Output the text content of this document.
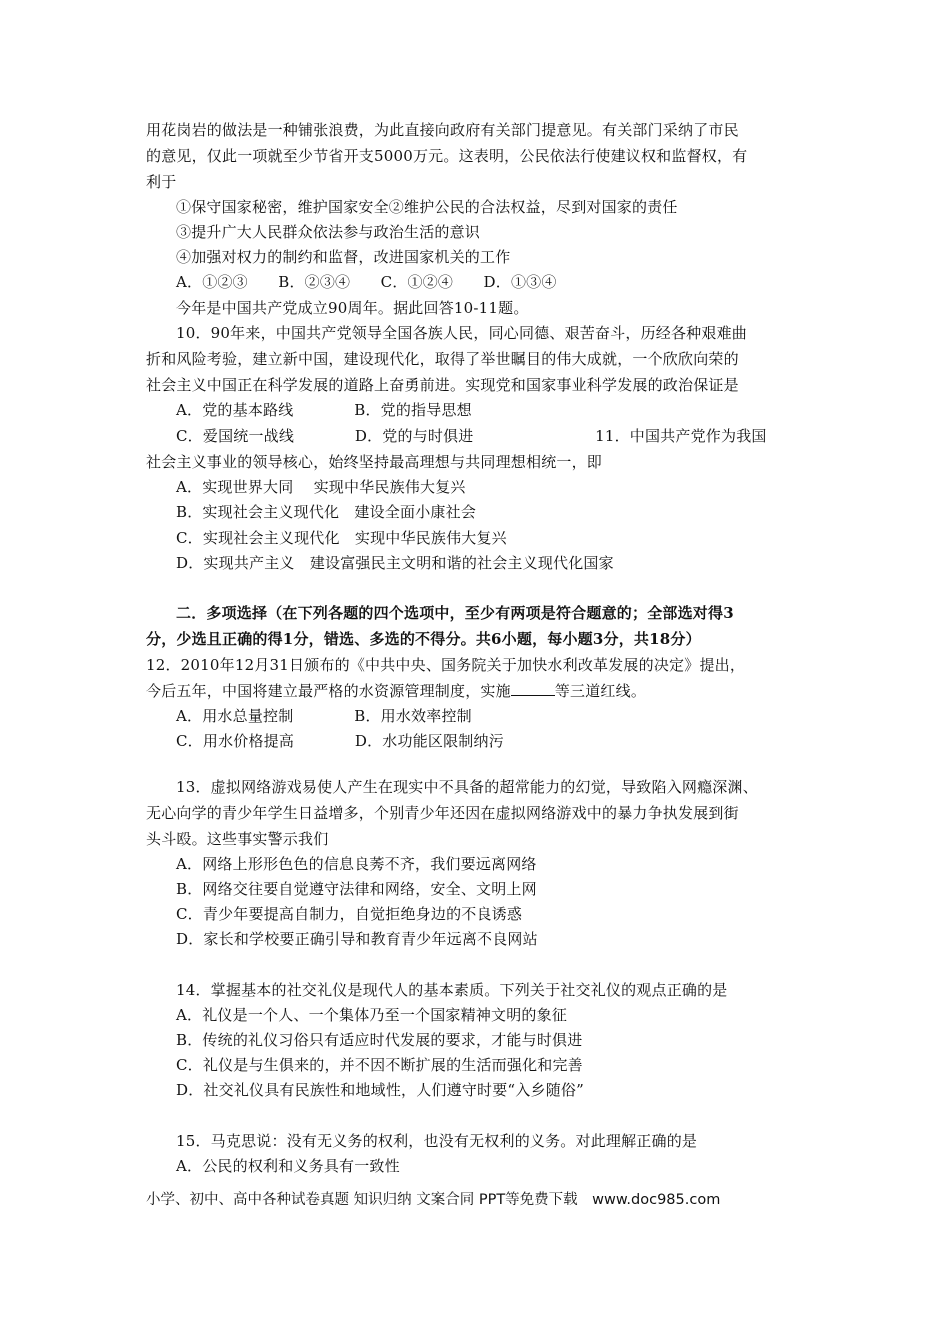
用花岗岩的做法是一种铺张浪费，为此直接向政府有关部门提意见。有关部门采纳了市民
的意见，仅此一项就至少节省开支5000万元。这表明，公民依法行使建议权和监督权，有
利于
①保守国家秘密，维护国家安全②维护公民的合法权益，尽到对国家的责任
③提升广大人民群众依法参与政治生活的意识
④加强对权力的制约和监督，改进国家机关的工作
A．①②③　　B．②③④　　C．①②④　　D．①③④
今年是中国共产党成立90周年。据此回答10-11题。
10．90年来，中国共产党领导全国各族人民，同心同德、艰苦奋斗，历经各种艰难曲
折和风险考验，建立新中国，建设现代化，取得了举世瞩目的伟大成就，一个欣欣向荣的
社会主义中国正在科学发展的道路上奋勇前进。实现党和国家事业科学发展的政治保证是
A．党的基本路线　　　　B．党的指导思想
C．爱国统一战线　　　　D．党的与时俱进　　　　　　　　11．中国共产党作为我国
社会主义事业的领导核心，始终坚持最高理想与共同理想相统一，即
A．实现世界大同　 实现中华民族伟大复兴
B．实现社会主义现代化　建设全面小康社会
C．实现社会主义现代化　实现中华民族伟大复兴
D．实现共产主义　建设富强民主文明和谐的社会主义现代化国家
二．多项选择（在下列各题的四个选项中，至少有两项是符合题意的；全部选对得3
分，少选且正确的得1分，错选、多选的不得分。共6小题，每小题3分，共18分）
12．2010年12月31日颁布的《中共中央、国务院关于加快水利改革发展的决定》提出，
今后五年，中国将建立最严格的水资源管理制度，实施	等三道红线。
A．用水总量控制　　　　B．用水效率控制
C．用水价格提高　　　　D．水功能区限制纳污
13．虚拟网络游戏易使人产生在现实中不具备的超常能力的幻觉，导致陷入网瘾深渊、
无心向学的青少年学生日益增多，个别青少年还因在虚拟网络游戏中的暴力争执发展到街
头斗殴。这些事实警示我们
A．网络上形形色色的信息良莠不齐，我们要远离网络
B．网络交往要自觉遵守法律和网络，安全、文明上网
C．青少年要提高自制力，自觉拒绝身边的不良诱惑
D．家长和学校要正确引导和教育青少年远离不良网站
14．掌握基本的社交礼仪是现代人的基本素质。下列关于社交礼仪的观点正确的是
A．礼仪是一个人、一个集体乃至一个国家精神文明的象征
B．传统的礼仪习俗只有适应时代发展的要求，才能与时俱进
C．礼仪是与生俱来的，并不因不断扩展的生活而强化和完善
D．社交礼仪具有民族性和地域性，人们遵守时要“入乡随俗”
15．马克思说：没有无义务的权利，也没有无权利的义务。对此理解正确的是
A．公民的权利和义务具有一致性
小学、初中、高中各种试卷真题 知识归纳 文案合同 PPT等免费下载　www.doc985.com
